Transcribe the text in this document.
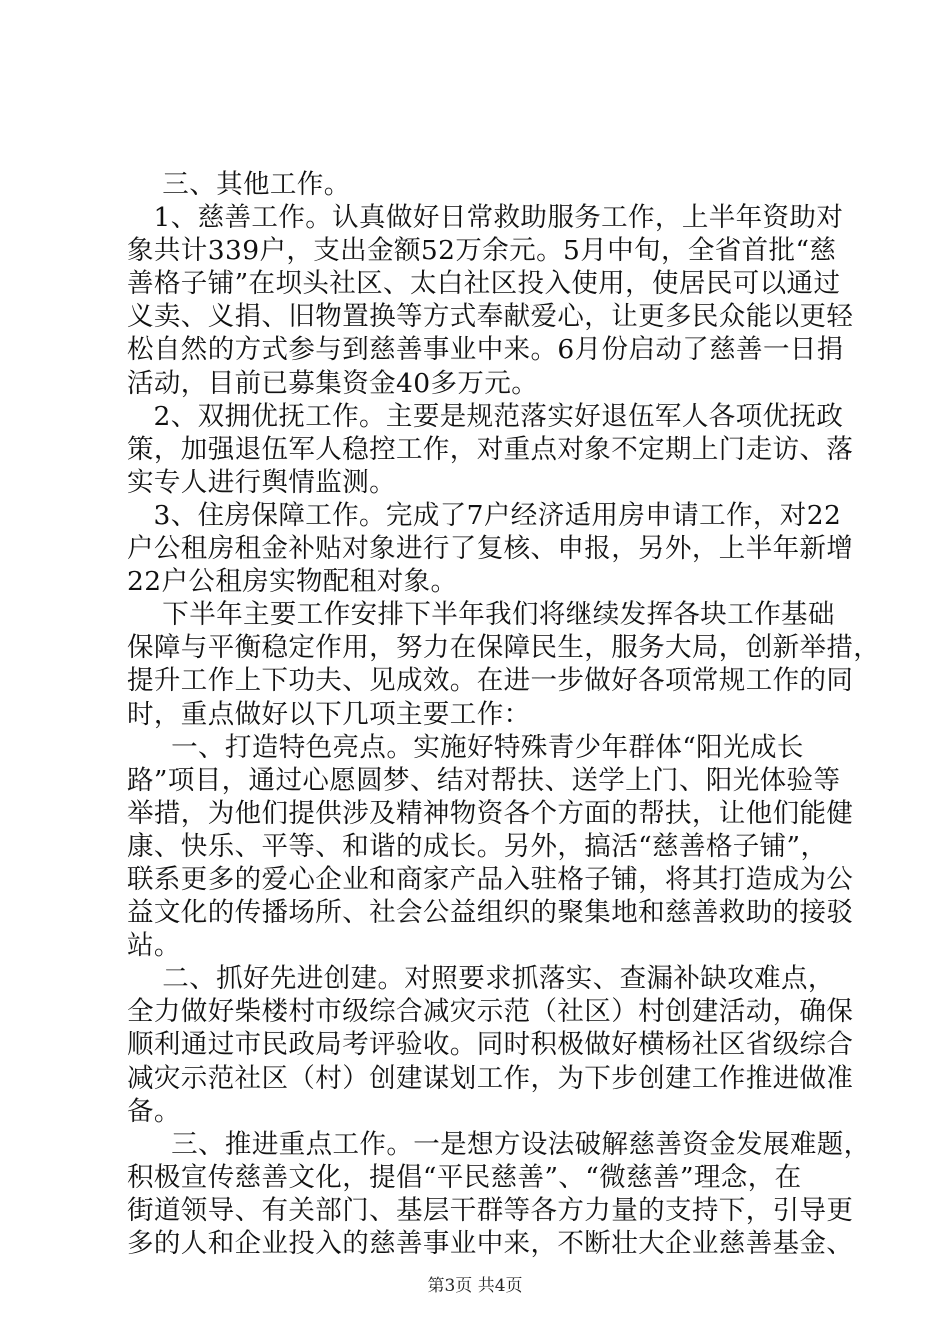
三、其他工作。
1、慈善工作。认真做好日常救助服务工作，上半年资助对
象共计339户，支出金额52万余元。5月中旬，全省首批“慈
善格子铺”在坝头社区、太白社区投入使用，使居民可以通过
义卖、义捐、旧物置换等方式奉献爱心，让更多民众能以更轻
松自然的方式参与到慈善事业中来。6月份启动了慈善一日捐
活动，目前已募集资金40多万元。
2、双拥优抚工作。主要是规范落实好退伍军人各项优抚政
策，加强退伍军人稳控工作，对重点对象不定期上门走访、落
实专人进行舆情监测。
3、住房保障工作。完成了7户经济适用房申请工作，对22
户公租房租金补贴对象进行了复核、申报，另外，上半年新增
22户公租房实物配租对象。
下半年主要工作安排下半年我们将继续发挥各块工作基础
保障与平衡稳定作用，努力在保障民生，服务大局，创新举措，
提升工作上下功夫、见成效。在进一步做好各项常规工作的同
时，重点做好以下几项主要工作：
一、打造特色亮点。实施好特殊青少年群体“阳光成长
路”项目，通过心愿圆梦、结对帮扶、送学上门、阳光体验等
举措，为他们提供涉及精神物资各个方面的帮扶，让他们能健
康、快乐、平等、和谐的成长。另外，搞活“慈善格子铺”，
联系更多的爱心企业和商家产品入驻格子铺，将其打造成为公
益文化的传播场所、社会公益组织的聚集地和慈善救助的接驳
站。
二、抓好先进创建。对照要求抓落实、查漏补缺攻难点，
全力做好柴楼村市级综合减灾示范（社区）村创建活动，确保
顺利通过市民政局考评验收。同时积极做好横杨社区省级综合
减灾示范社区（村）创建谋划工作，为下步创建工作推进做准
备。
三、推进重点工作。一是想方设法破解慈善资金发展难题，
积极宣传慈善文化，提倡“平民慈善”、“微慈善”理念，在
街道领导、有关部门、基层干群等各方力量的支持下，引导更
多的人和企业投入的慈善事业中来，不断壮大企业慈善基金、
第3页 共4页
